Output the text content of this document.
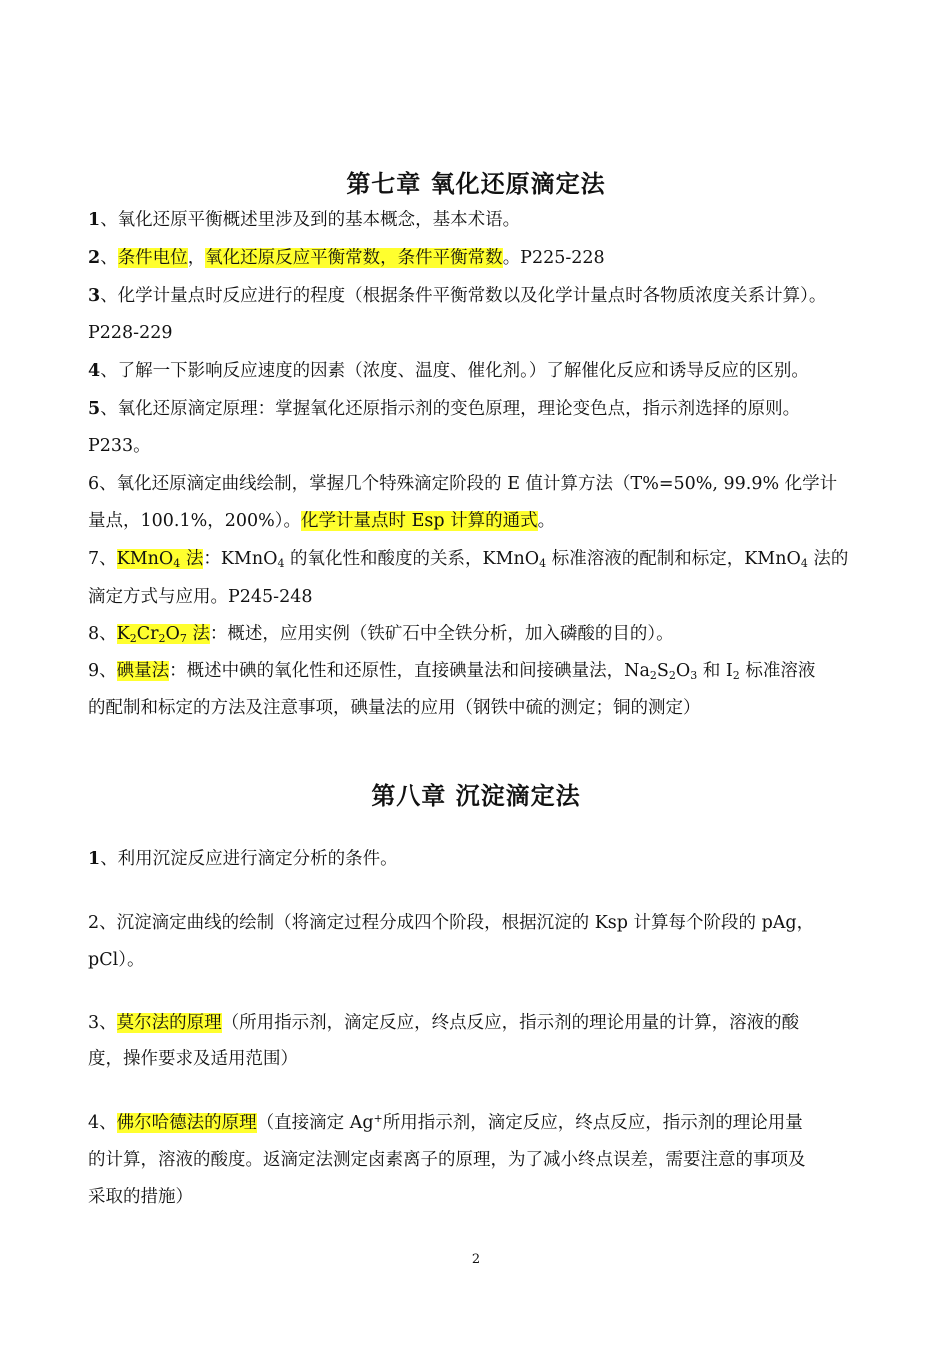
第七章 氧化还原滴定法
1、氧化还原平衡概述里涉及到的基本概念，基本术语。
2、条件电位，氧化还原反应平衡常数，条件平衡常数。P225-228
3、化学计量点时反应进行的程度（根据条件平衡常数以及化学计量点时各物质浓度关系计算）。
P228-229
4、了解一下影响反应速度的因素（浓度、温度、催化剂。）了解催化反应和诱导反应的区别。
5、氧化还原滴定原理：掌握氧化还原指示剂的变色原理，理论变色点，指示剂选择的原则。
P233。
6、氧化还原滴定曲线绘制，掌握几个特殊滴定阶段的 E 值计算方法（T%=50%, 99.9% 化学计
量点，100.1%，200%）。化学计量点时 Esp 计算的通式。
7、KMnO$_4$ 法：KMnO$_4$ 的氧化性和酸度的关系，KMnO$_4$ 标准溶液的配制和标定，KMnO$_4$ 法的
滴定方式与应用。P245-248
8、$K_2Cr_2O_7$ 法：概述，应用实例（铁矿石中全铁分析，加入磷酸的目的）。
9、碘量法：概述中碘的氧化性和还原性，直接碘量法和间接碘量法，$Na_2S_2O_3$ 和 $I_2$ 标准溶液
的配制和标定的方法及注意事项，碘量法的应用（钢铁中硫的测定；铜的测定）
第八章 沉淀滴定法
1、利用沉淀反应进行滴定分析的条件。
2、沉淀滴定曲线的绘制（将滴定过程分成四个阶段，根据沉淀的 Ksp 计算每个阶段的 pAg，
pCl）。
3、莫尔法的原理（所用指示剂，滴定反应，终点反应，指示剂的理论用量的计算，溶液的酸
度，操作要求及适用范围）
4、佛尔哈德法的原理（直接滴定 Ag+所用指示剂，滴定反应，终点反应，指示剂的理论用量
的计算，溶液的酸度。返滴定法测定卤素离子的原理，为了减小终点误差，需要注意的事项及
采取的措施）
2
